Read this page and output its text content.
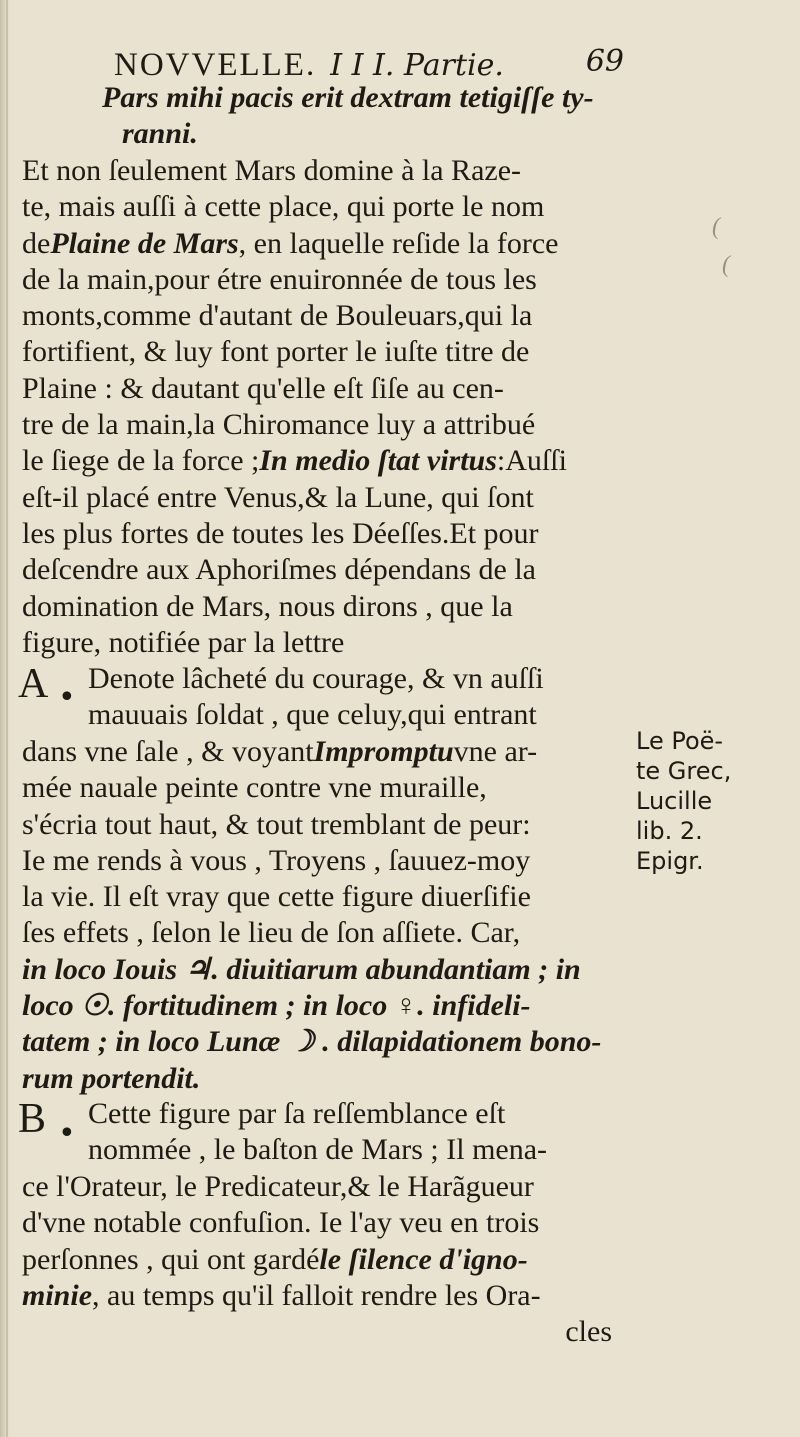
NOVVELLE. I I I. Partie.	69
Pars mihi pacis erit dextram tetigiſſe ty-
ranni.
Et non ſeulement Mars domine à la Raze-
te, mais auſſi à cette place, qui porte le nom
de Plaine de Mars , en laquelle reſide la force
de la main,pour étre enuironnée de tous les
monts,comme d'autant de Bouleuars,qui la
fortifient, & luy font porter le iuſte titre de
Plaine : & dautant qu'elle eſt ſiſe au cen-
tre de la main,la Chiromance luy a attribué
le ſiege de la force ; In medio ſtat virtus :Auſſi
eſt-il placé entre Venus,& la Lune, qui ſont
les plus fortes de toutes les Déeſſes.Et pour
deſcendre aux Aphoriſmes dépendans de la
domination de Mars, nous dirons , que la
figure, notifiée par la lettre
A •
Denote lâcheté du courage, & vn auſſi
mauuais ſoldat , que celuy,qui entrant
dans vne ſale , & voyant Impromptu vne ar-
mée nauale peinte contre vne muraille,
s'écria tout haut, & tout tremblant de peur:
Ie me rends à vous , Troyens , ſauuez-moy
la vie. Il eſt vray que cette figure diuerſifie
ſes effets , ſelon le lieu de ſon aſſiete. Car,
in loco Iouis ♃. diuitiarum abundantiam ; in
loco ☉. fortitudinem ; in loco ♀. infideli-
tatem ; in loco Lunæ ☽ . dilapidationem bono-
rum portendit.
B •
Cette figure par ſa reſſemblance eſt
nommée , le baſton de Mars ; Il mena-
ce l'Orateur, le Predicateur,& le Harãgueur
d'vne notable confuſion. Ie l'ay veu en trois
perſonnes , qui ont gardé le ſilence d'igno-
minie , au temps qu'il falloit rendre les Ora-
cles
Le Poë-
te Grec,
Lucille
lib. 2.
Epigr.
(
(
